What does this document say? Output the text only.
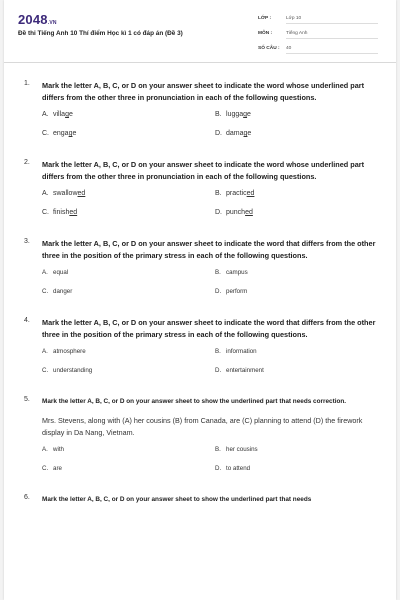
2048.VN
Đề thi Tiếng Anh 10 Thí điểm Học kì 1 có đáp án (Đề 3)
LỚP :	Lớp 10
MÔN :	Tiếng Anh
SỐ CÂU : 40
1. Mark the letter A, B, C, or D on your answer sheet to indicate the word whose underlined part differs from the other three in pronunciation in each of the following questions.
A. villa g e	B. lugga g e
C. enga g e	D. dama g e
2. Mark the letter A, B, C, or D on your answer sheet to indicate the word whose underlined part differs from the other three in pronunciation in each of the following questions.
A. swallow ed	B. practic ed
C. finish ed	D. punch ed
3. Mark the letter A, B, C, or D on your answer sheet to indicate the word that differs from the other three in the position of the primary stress in each of the following questions.
A. equal	B. campus
C. danger	D. perform
4. Mark the letter A, B, C, or D on your answer sheet to indicate the word that differs from the other three in the position of the primary stress in each of the following questions.
A. atmosphere	B. information
C. understanding	D. entertainment
5. Mark the letter A, B, C, or D on your answer sheet to show the underlined part that needs correction.
Mrs. Stevens, along with (A) her cousins (B) from Canada, are (C) planning to attend (D) the firework display in Da Nang, Vietnam.
A. with	B. her cousins
C. are	D. to attend
6. Mark the letter A, B, C, or D on your answer sheet to show the underlined part that needs
